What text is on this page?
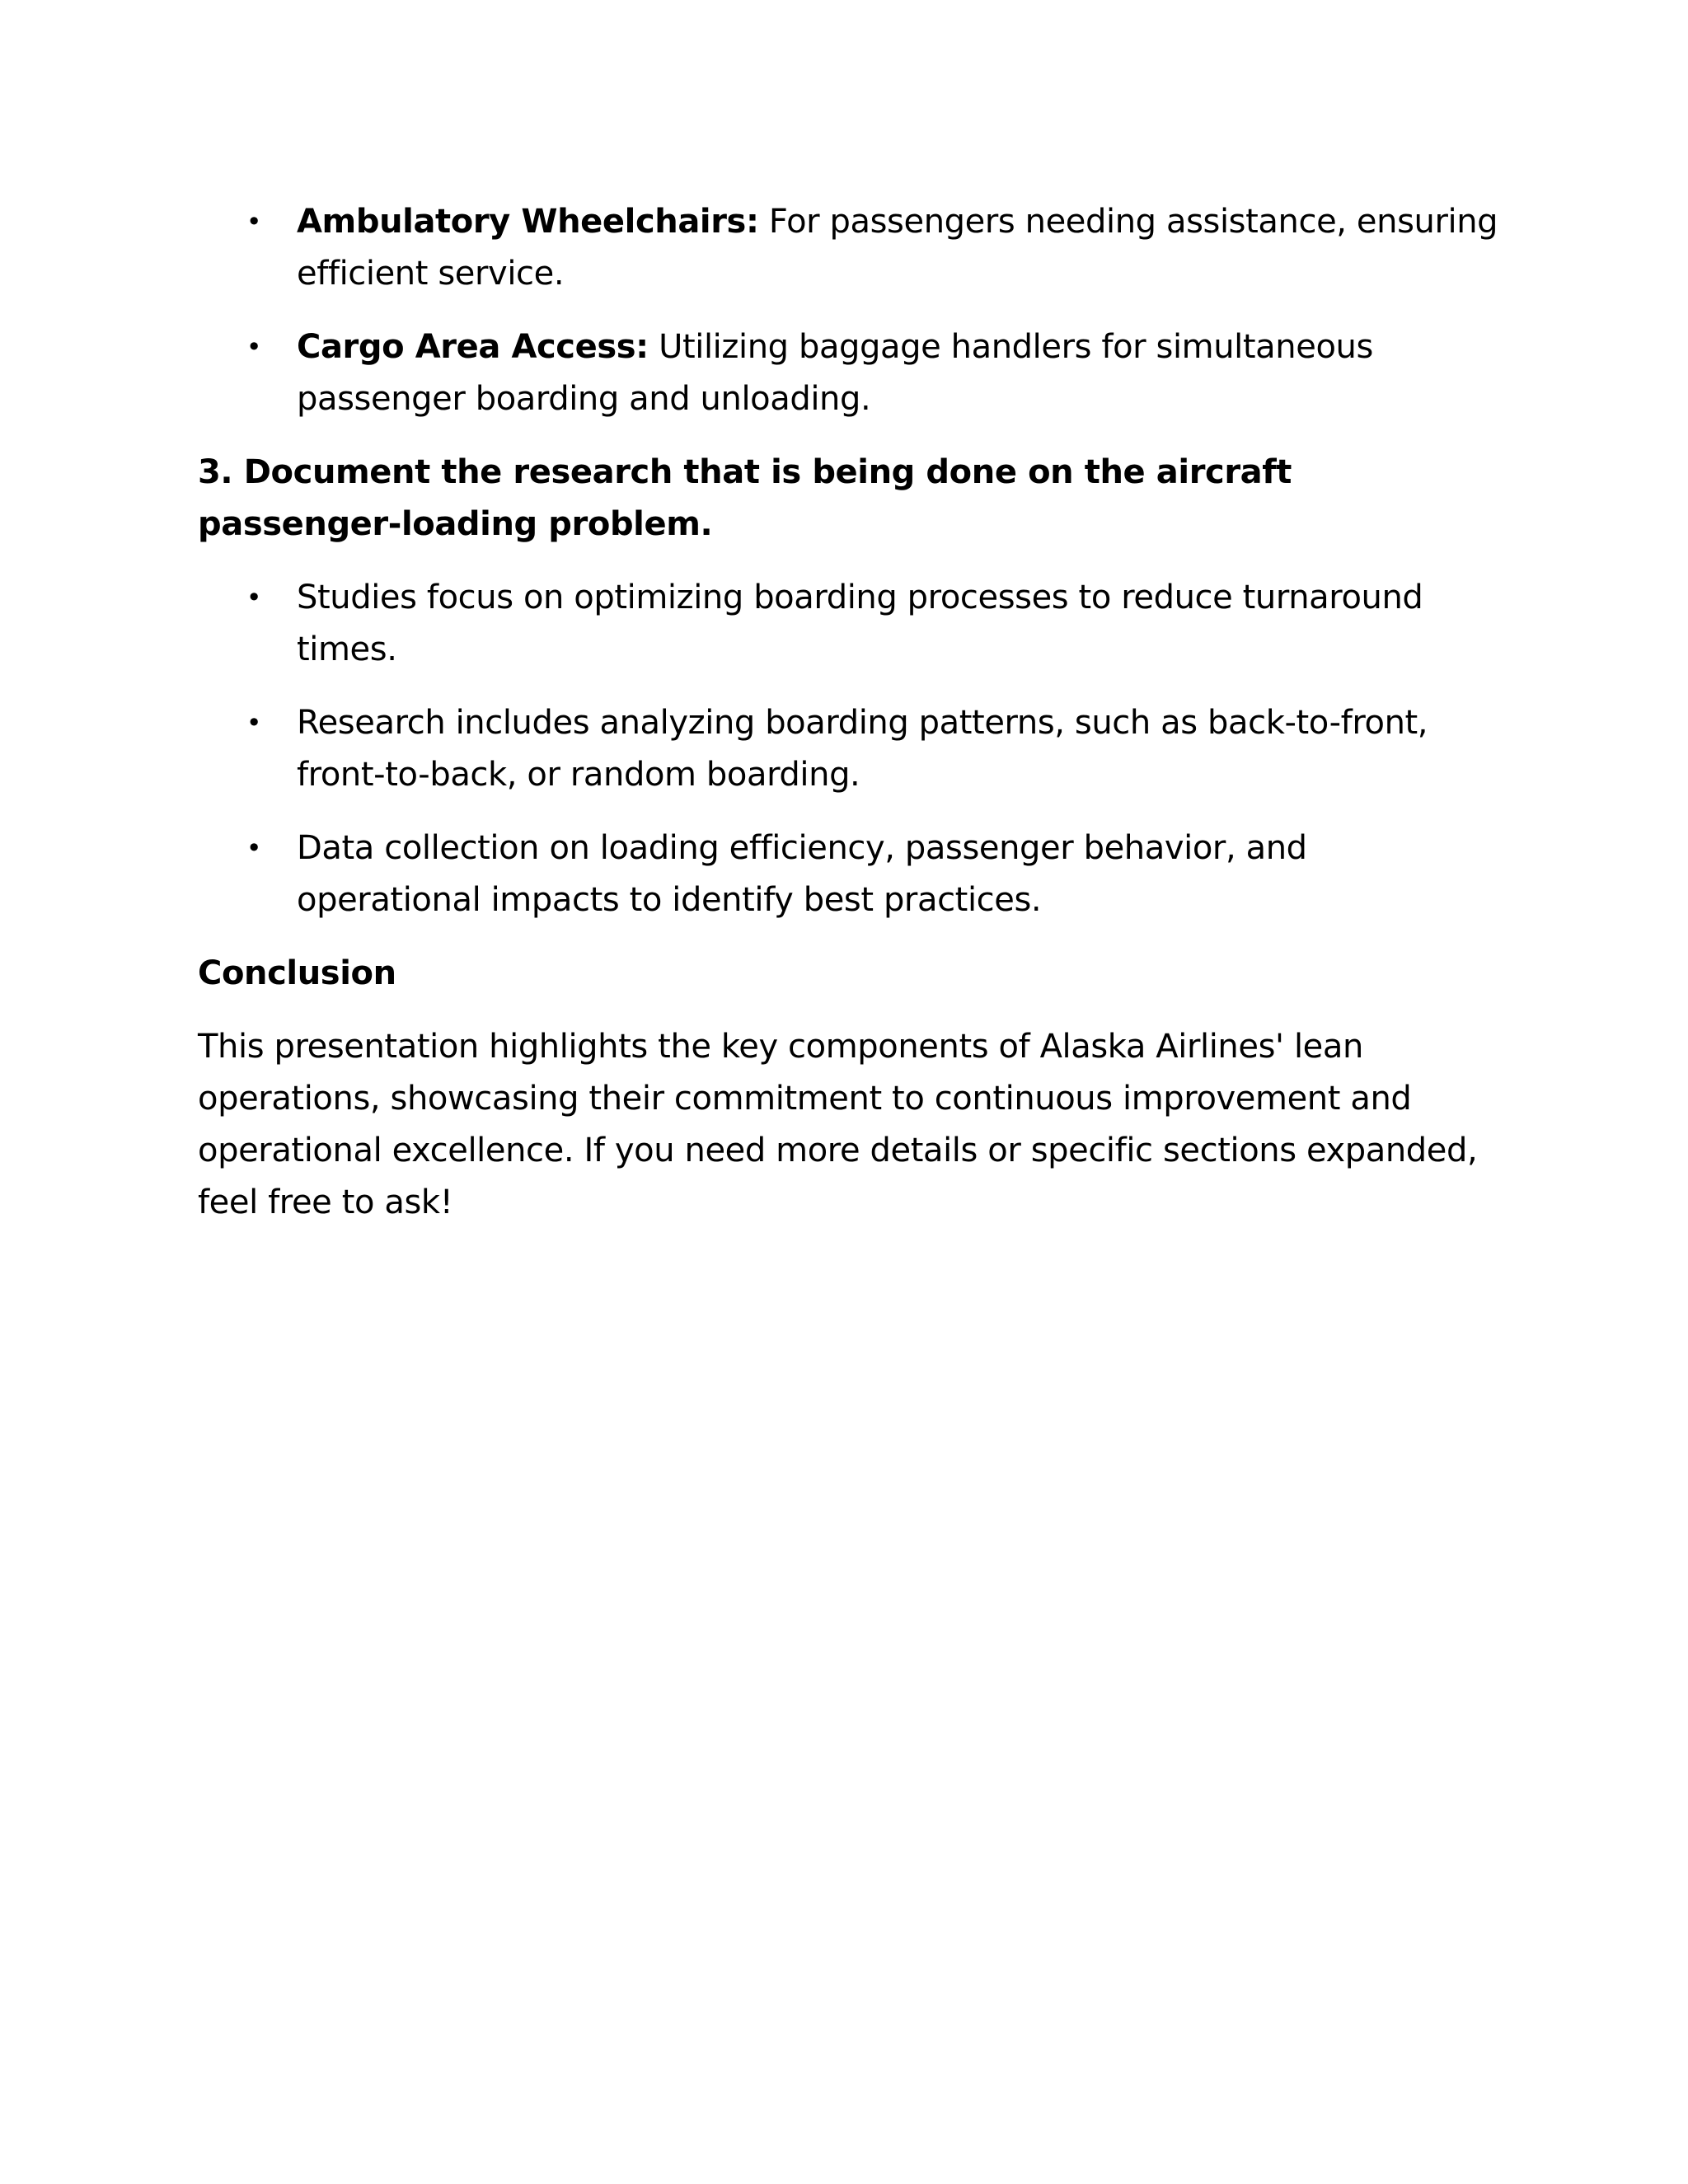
• Ambulatory Wheelchairs: For passengers needing assistance, ensuring efficient service.
• Cargo Area Access: Utilizing baggage handlers for simultaneous passenger boarding and unloading.

3. Document the research that is being done on the aircraft passenger-loading problem.

• Studies focus on optimizing boarding processes to reduce turnaround times.
• Research includes analyzing boarding patterns, such as back-to-front, front-to-back, or random boarding.
• Data collection on loading efficiency, passenger behavior, and operational impacts to identify best practices.

Conclusion

This presentation highlights the key components of Alaska Airlines' lean operations, showcasing their commitment to continuous improvement and operational excellence. If you need more details or specific sections expanded, feel free to ask!
